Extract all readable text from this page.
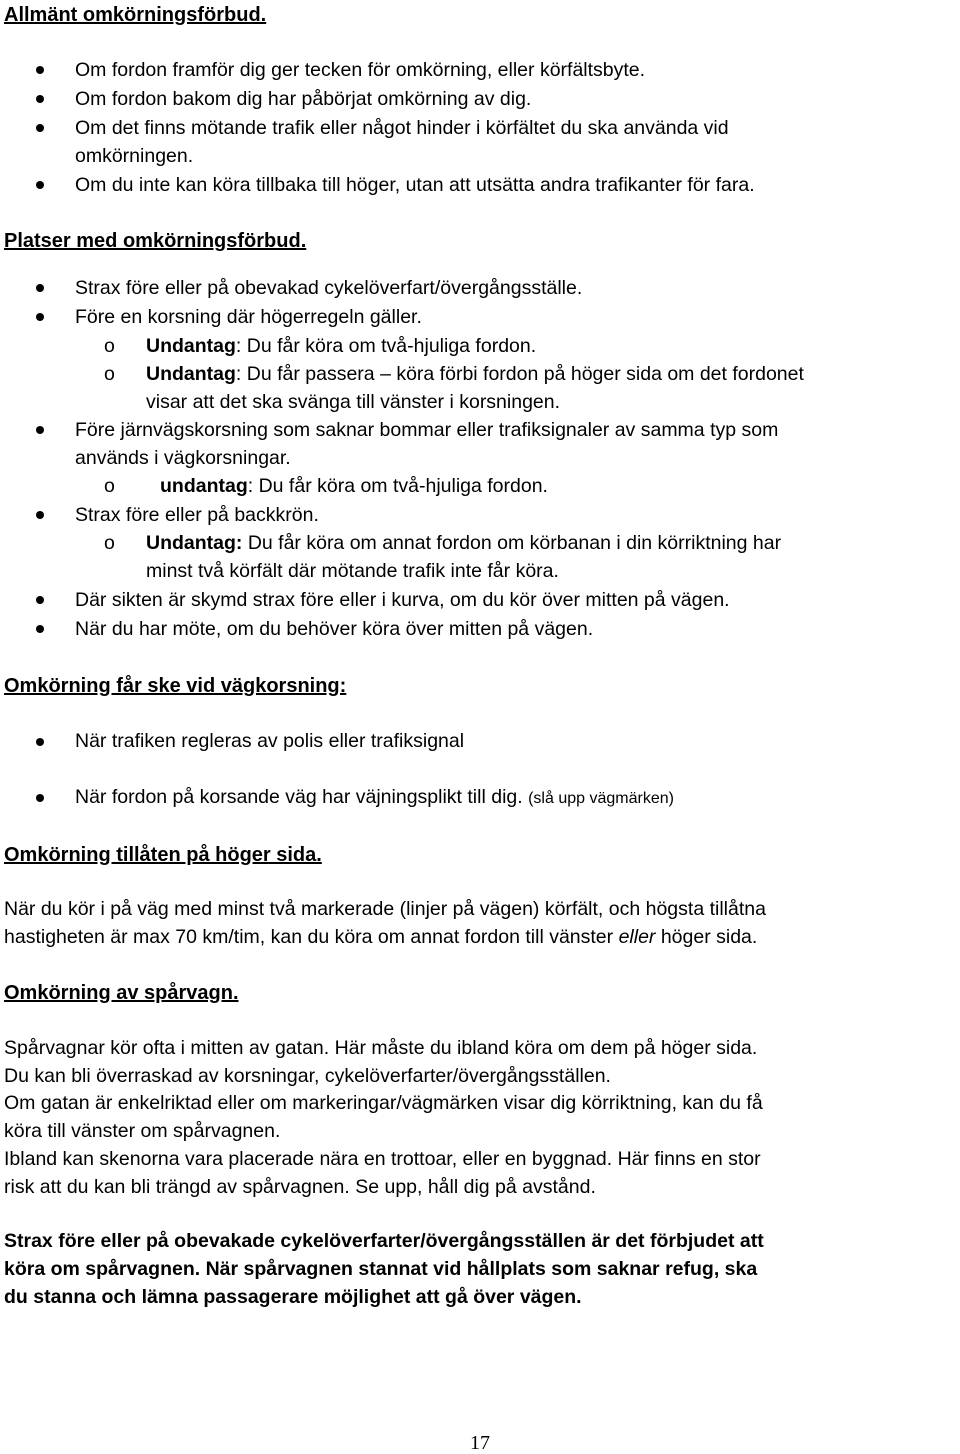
Allmänt omkörningsförbud.
Om fordon framför dig ger tecken för omkörning, eller körfältsbyte.
Om fordon bakom dig har påbörjat omkörning av dig.
Om det finns mötande trafik eller något hinder i körfältet du ska använda vid
omkörningen.
Om du inte kan köra tillbaka till höger, utan att utsätta andra trafikanter för fara.
Platser med omkörningsförbud.
Strax före eller på obevakad cykelöverfart/övergångsställe.
Före en korsning där högerregeln gäller.
o Undantag: Du får köra om två-hjuliga fordon.
o Undantag: Du får passera – köra förbi fordon på höger sida om det fordonet
visar att det ska svänga till vänster i korsningen.
Före järnvägskorsning som saknar bommar eller trafiksignaler av samma typ som
används i vägkorsningar.
o undantag: Du får köra om två-hjuliga fordon.
Strax före eller på backkrön.
o Undantag: Du får köra om annat fordon om körbanan i din körriktning har
minst två körfält där mötande trafik inte får köra.
Där sikten är skymd strax före eller i kurva, om du kör över mitten på vägen.
När du har möte, om du behöver köra över mitten på vägen.
Omkörning får ske vid vägkorsning:
När trafiken regleras av polis eller trafiksignal
När fordon på korsande väg har väjningsplikt till dig. (slå upp vägmärken)
Omkörning tillåten på höger sida.
När du kör i på väg med minst två markerade (linjer på vägen) körfält, och högsta tillåtna
hastigheten är max 70 km/tim, kan du köra om annat fordon till vänster eller höger sida.
Omkörning av spårvagn.
Spårvagnar kör ofta i mitten av gatan. Här måste du ibland köra om dem på höger sida.
Du kan bli överraskad av korsningar, cykelöverfarter/övergångsställen.
Om gatan är enkelriktad eller om markeringar/vägmärken visar dig körriktning, kan du få
köra till vänster om spårvagnen.
Ibland kan skenorna vara placerade nära en trottoar, eller en byggnad. Här finns en stor
risk att du kan bli trängd av spårvagnen. Se upp, håll dig på avstånd.
Strax före eller på obevakade cykelöverfarter/övergångsställen är det förbjudet att
köra om spårvagnen. När spårvagnen stannat vid hållplats som saknar refug, ska
du stanna och lämna passagerare möjlighet att gå över vägen.
17
